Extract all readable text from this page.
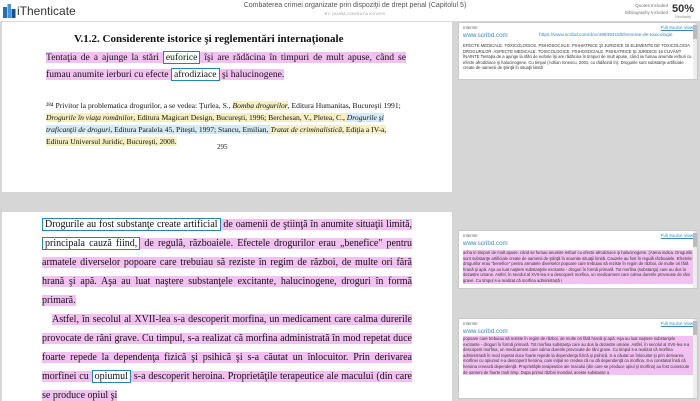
iThenticate	Combaterea crimei organizate prin dispoziţii de drept penal (Capitolul 5)
BY LAURA CODRUȚA KOVESI
Quotes Included
Bibliography Included 50%
Similarity
V.1.2. Considerente istorice şi reglementări internaţionale
Tentaţia de a ajunge la stări euforice îşi are rădăcina în timpuri de mult apuse, când se fumau anumite ierburi cu efecte afrodiziace şi halucinogene.
²⁸⁴ Privitor la problematica drogurilor, a se vedea: Ţurlea, S., Bomba drogurilor, Editura Humanitas, Bucureşti 1991; Drogurile în viaţa românilor, Editura Magicart Design, Bucureşti, 1996; Berchesan, V., Pletea, C., Drogurile şi traficanţii de droguri, Editura Paralela 45, Piteşti, 1997; Stancu, Emilian, Tratat de criminalistică, Ediţia a IV-a, Editura Universul Juridic, Bucureşti, 2008.
295
Drogurile au fost substanţe create artificial de oamenii de ştiinţă în anumite situaţii limită, principala cauză fiind, de regulă, războaiele. Efectele drogurilor erau „benefice" pentru armatele diverselor popoare care trebuiau să reziste în regim de război, de multe ori fără hrană şi apă. Aşa au luat naştere substanţele excitante, halucinogene, droguri în formă primară.
 Astfel, în secolul al XVII-lea s-a descoperit morfina, un medicament care calma durerile provocate de răni grave. Cu timpul, s-a realizat că morfina administrată în mod repetat duce foarte repede la dependenţa fizică şi psihică şi s-a căutat un înlocuitor. Prin derivarea morfinei cu opiumul s-a descoperit heroina. Proprietăţile terapeutice ale macului (din care se produce opiul şi
Internet	Full Source View
www.scribd.com	https://www.scribd.com/doc/49939415/Elemente-de-toxicologie
EFECTE MEDICALE. TOXICOLOGICE. PSIHOSOCIALE. PSIHIATRICE ŞI JURIDICE 15 ELEMENTE DE TOXICOLOGIA DROGURILOR. ASPECTE MEDICALE. TOXICOLOGICE. PSIHOSOCIALE. PSIHIATRICE ŞI JURIDICE 16 CUVÂNT ÎNAINTE Tentaţia de a ajunge la stări de euforie îşi are rădăcina în timpuri de mult apuse, când se fumau anumite ierburi cu efecte afrodiziace şi halucinogene. Cu timpul (Adrian Ionescu, 2001, cu rădăcină în). Drogurile sunt substanţe artificiale create de oamenii de ştiinţă în situaţii limită
Internet	Full Source View
www.scribd.com
acha in timpuri de mult apuse, când se fumau anumite ierburi cu efecte afrodiziace şi halucinogene. (Atena indica. Drogurile sunt substanţe artificiale create de oamenii de ştiinţă în anumite situaţii limită. Cauzele au fost în regulă războaiele. Efectele drogurilor erau "benefice" pentru armatele diverselor popoare care trebuiau să reziste în regim de război, de multe ori fără hrană şi apă. Aşa au luat naştere substanţele excitante - droguri în formă primară. Tot morfina (substanţa) care au dus la dezastre umane. Astfel, în secolul al XVII-lea s-a descoperit morfina, un medicament care calma durerile provocate de răni grave. Cu timpul s-a realizat că morfina administrată i
Internet	Full Source View
www.scribd.com
popoare care trebuiau să reziste în regim de război, de multe ori fără hrană şi apă. Aşa au luat naştere substanţele excitante - droguri în formă primară. Tot morfina substanţa care au dus la dezastre umane. Astfel, în secolul al XVII-lea s-a descoperit morfina, un medicament care calma durerile provocate de răni grave. Cu timpul s-a realizat că morfina administrată în mod repetat duce foarte repede la dependenţa fizică şi psihică. S-a căutat un înlocuitor şi prin derivarea morfinei cu opiumul s-a descoperit heroina, care iniţial se credea că nu dă dependenţă ca morfina. S-a constatat însă că heroina creează dependenţă. Proprietăţile terapeutice ale macului (din care se produce opiul şi morfina) au fost cunoscute de oameni de foarte mult timp. Dupa primul război mondial, aceste substanțe a
